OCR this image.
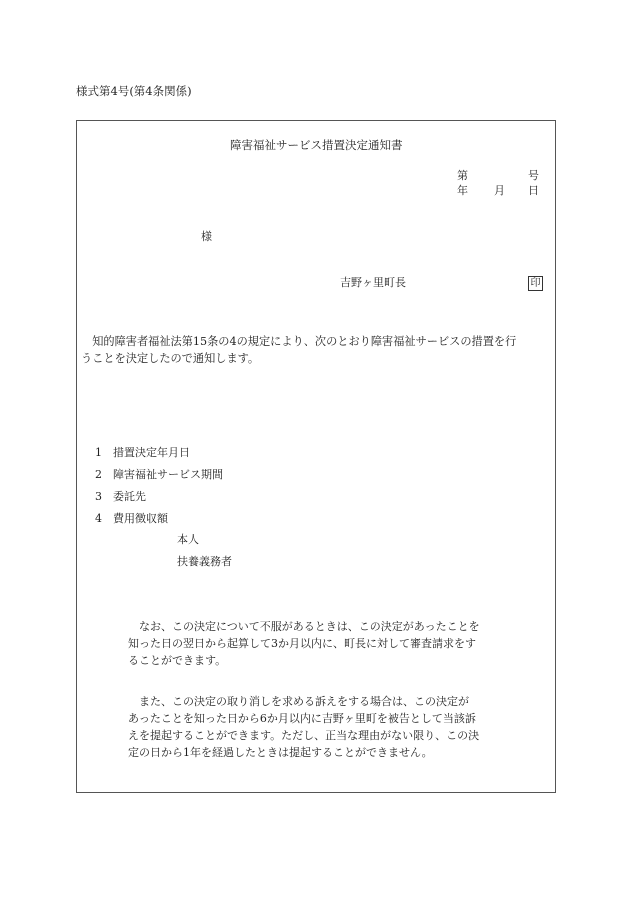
様式第4号(第4条関係)
障害福祉サービス措置決定通知書
第	号
年 月 日
様
吉野ヶ里町長	印
　知的障害者福祉法第15条の4の規定により、次のとおり障害福祉サービスの措置を行
うことを決定したので通知します。
1 措置決定年月日
2 障害福祉サービス期間
3 委託先
4 費用徴収額
本人
扶養義務者
　なお、この決定について不服があるときは、この決定があったことを
知った日の翌日から起算して3か月以内に、町長に対して審査請求をす
ることができます。
　また、この決定の取り消しを求める訴えをする場合は、この決定が
あったことを知った日から6か月以内に吉野ヶ里町を被告として当該訴
えを提起することができます。ただし、正当な理由がない限り、この決
定の日から1年を経過したときは提起することができません。
